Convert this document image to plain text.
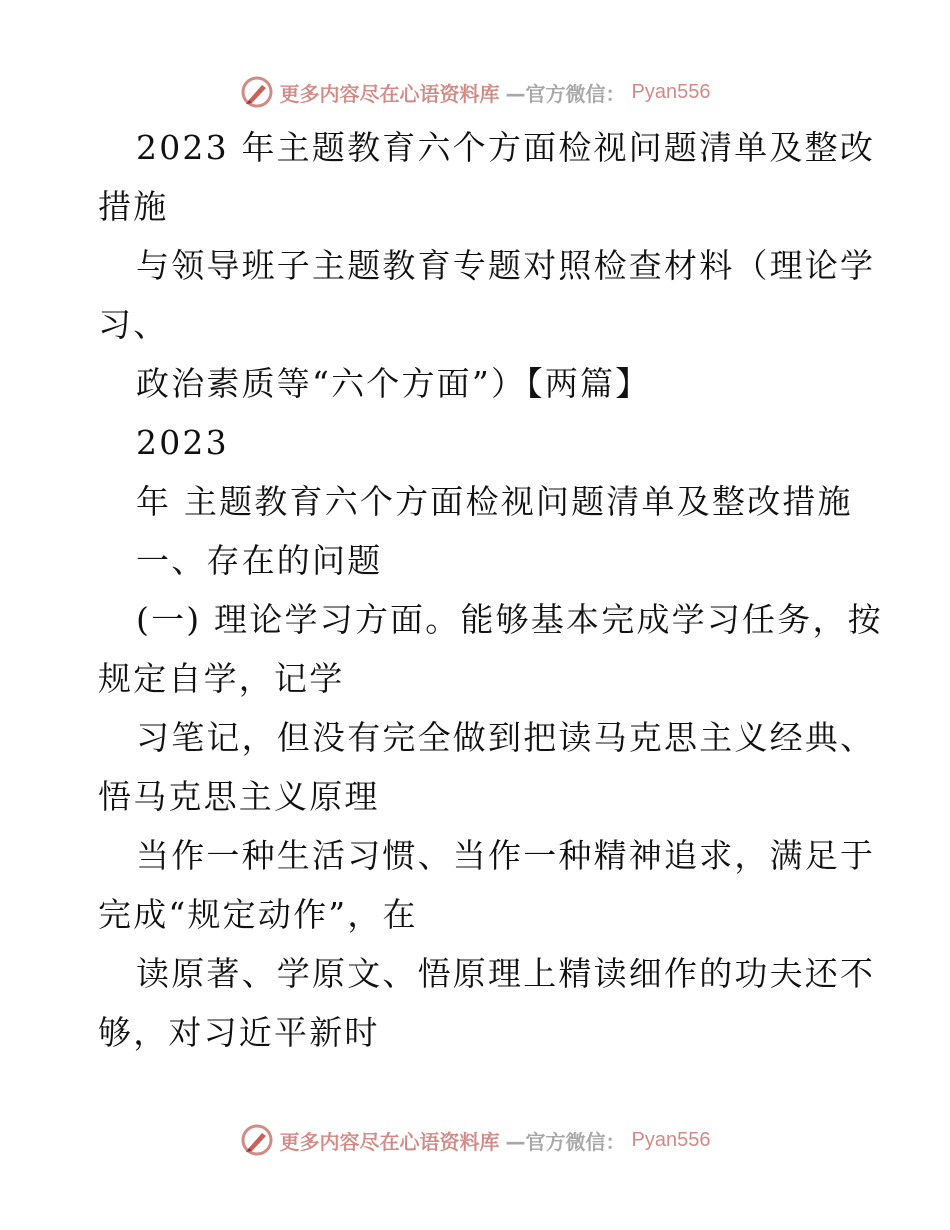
更多内容尽在心语资料库 —官方微信： Pyan556
2023 年主题教育六个方面检视问题清单及整改
措施
与领导班子主题教育专题对照检查材料（理论学
习、
政治素质等“六个方面”）【两篇】
2023
年 主题教育六个方面检视问题清单及整改措施
一、存在的问题
(一) 理论学习方面。能够基本完成学习任务，按
规定自学，记学
习笔记，但没有完全做到把读马克思主义经典、
悟马克思主义原理
当作一种生活习惯、当作一种精神追求，满足于
完成“规定动作”，在
读原著、学原文、悟原理上精读细作的功夫还不
够，对习近平新时
更多内容尽在心语资料库 —官方微信： Pyan556
